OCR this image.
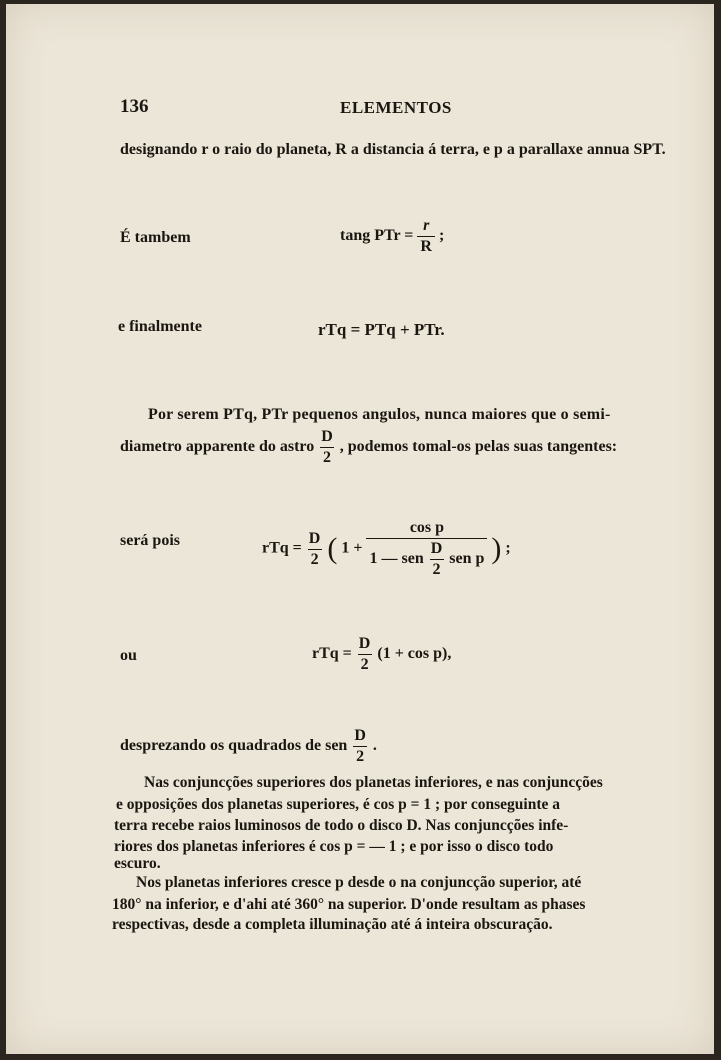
136	ELEMENTOS
designando r o raio do planeta, R a distancia á terra, e p a parallaxe annua SPT.
É tambem	tang PTr = $\frac{r}{R}$ ;
e finalmente	rTq = PTq + PTr.
Por serem PTq, PTr pequenos angulos, nunca maiores que o semi-
diametro apparente do astro $\frac{D}{2}$ , podemos tomal-os pelas suas tangentes:
será pois	rTq = $\frac{D}{2}$ ( 1 +
cos p
1 — sen $\frac{D}{2}$ sen p ) ;
ou	rTq = $\frac{D}{2} (1 + \cos p)$,
desprezando os quadrados de sen $\frac{D}{2}$ .
Nas conjuncções superiores dos planetas inferiores, e nas conjuncções
e opposições dos planetas superiores, é cos p = 1 ; por conseguinte a
terra recebe raios luminosos de todo o disco D. Nas conjuncções infe-
riores dos planetas inferiores é cos p = — 1 ; e por isso o disco todo
escuro.
Nos planetas inferiores cresce p desde o na conjuncção superior, até
180° na inferior, e d'ahi até 360° na superior. D'onde resultam as phases
respectivas, desde a completa illuminação até á inteira obscuração.
